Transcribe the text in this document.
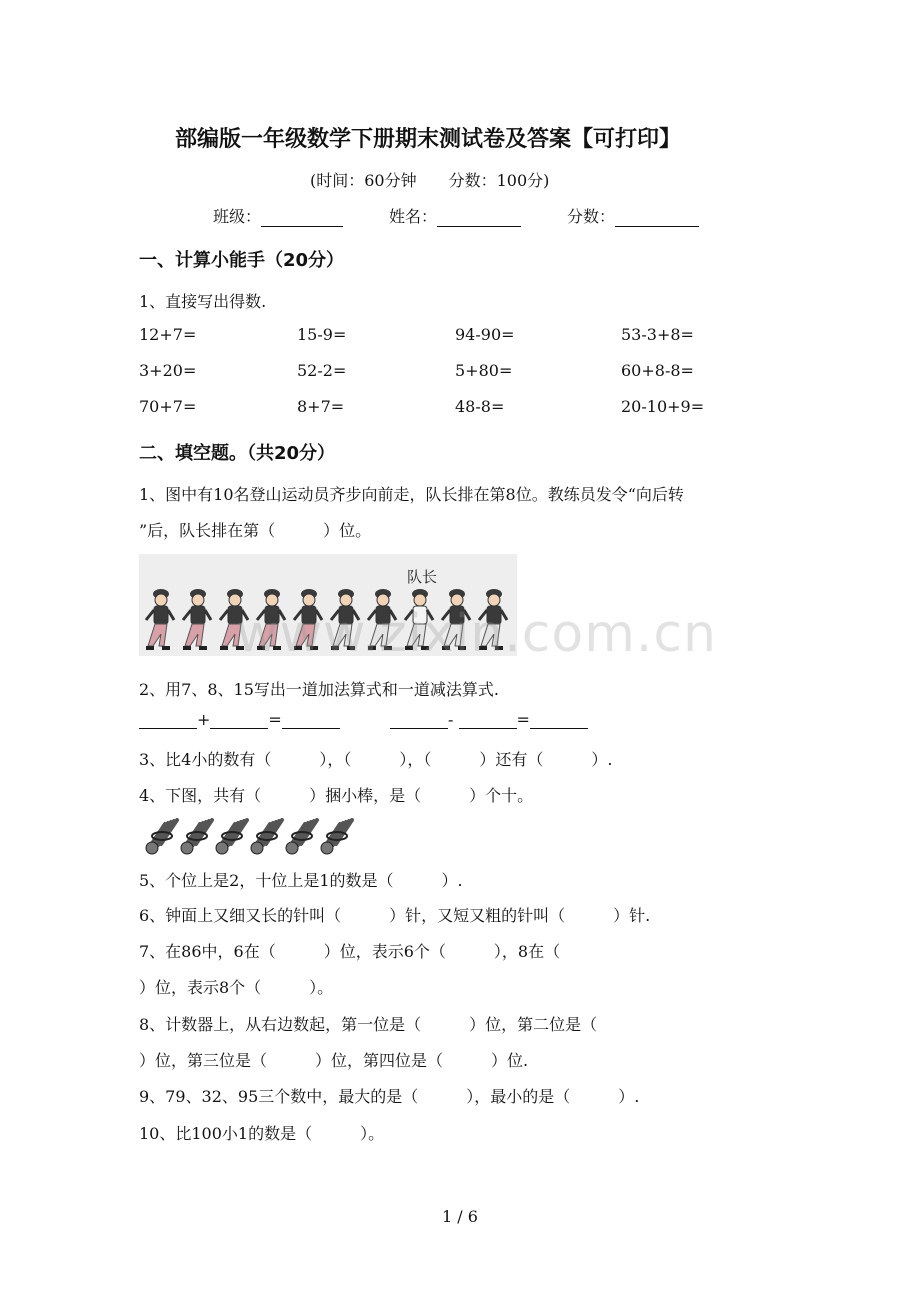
部编版一年级数学下册期末测试卷及答案【可打印】
(时间：60分钟　　分数：100分)
班级：	姓名：	分数：
一、计算小能手（20分）
1、直接写出得数.
12+7=	15-9=	94-90=	53-3+8=
3+20=	52-2=	5+80=	60+8-8=
70+7=	8+7=	48-8=	20-10+9=
二、填空题。（共20分）
1、图中有10名登山运动员齐步向前走，队长排在第8位。教练员发令“向后转
”后，队长排在第（　　　）位。
队长
www.zixin.com.cn
2、用7、8、15写出一道加法算式和一道减法算式.
+	=	-	=
3、比4小的数有（　　　），（　　　），（　　　）还有（　　　）.
4、下图，共有（　　　）捆小棒，是（　　　）个十。
5、个位上是2，十位上是1的数是（　　　）.
6、钟面上又细又长的针叫（　　　）针，又短又粗的针叫（　　　）针.
7、在86中，6在（　　　）位，表示6个（　　　），8在（
）位，表示8个（　　　）。
8、计数器上，从右边数起，第一位是（　　　）位，第二位是（
）位，第三位是（　　　）位，第四位是（　　　）位.
9、79、32、95三个数中，最大的是（　　　），最小的是（　　　）.
10、比100小1的数是（　　　）。
1 / 6
